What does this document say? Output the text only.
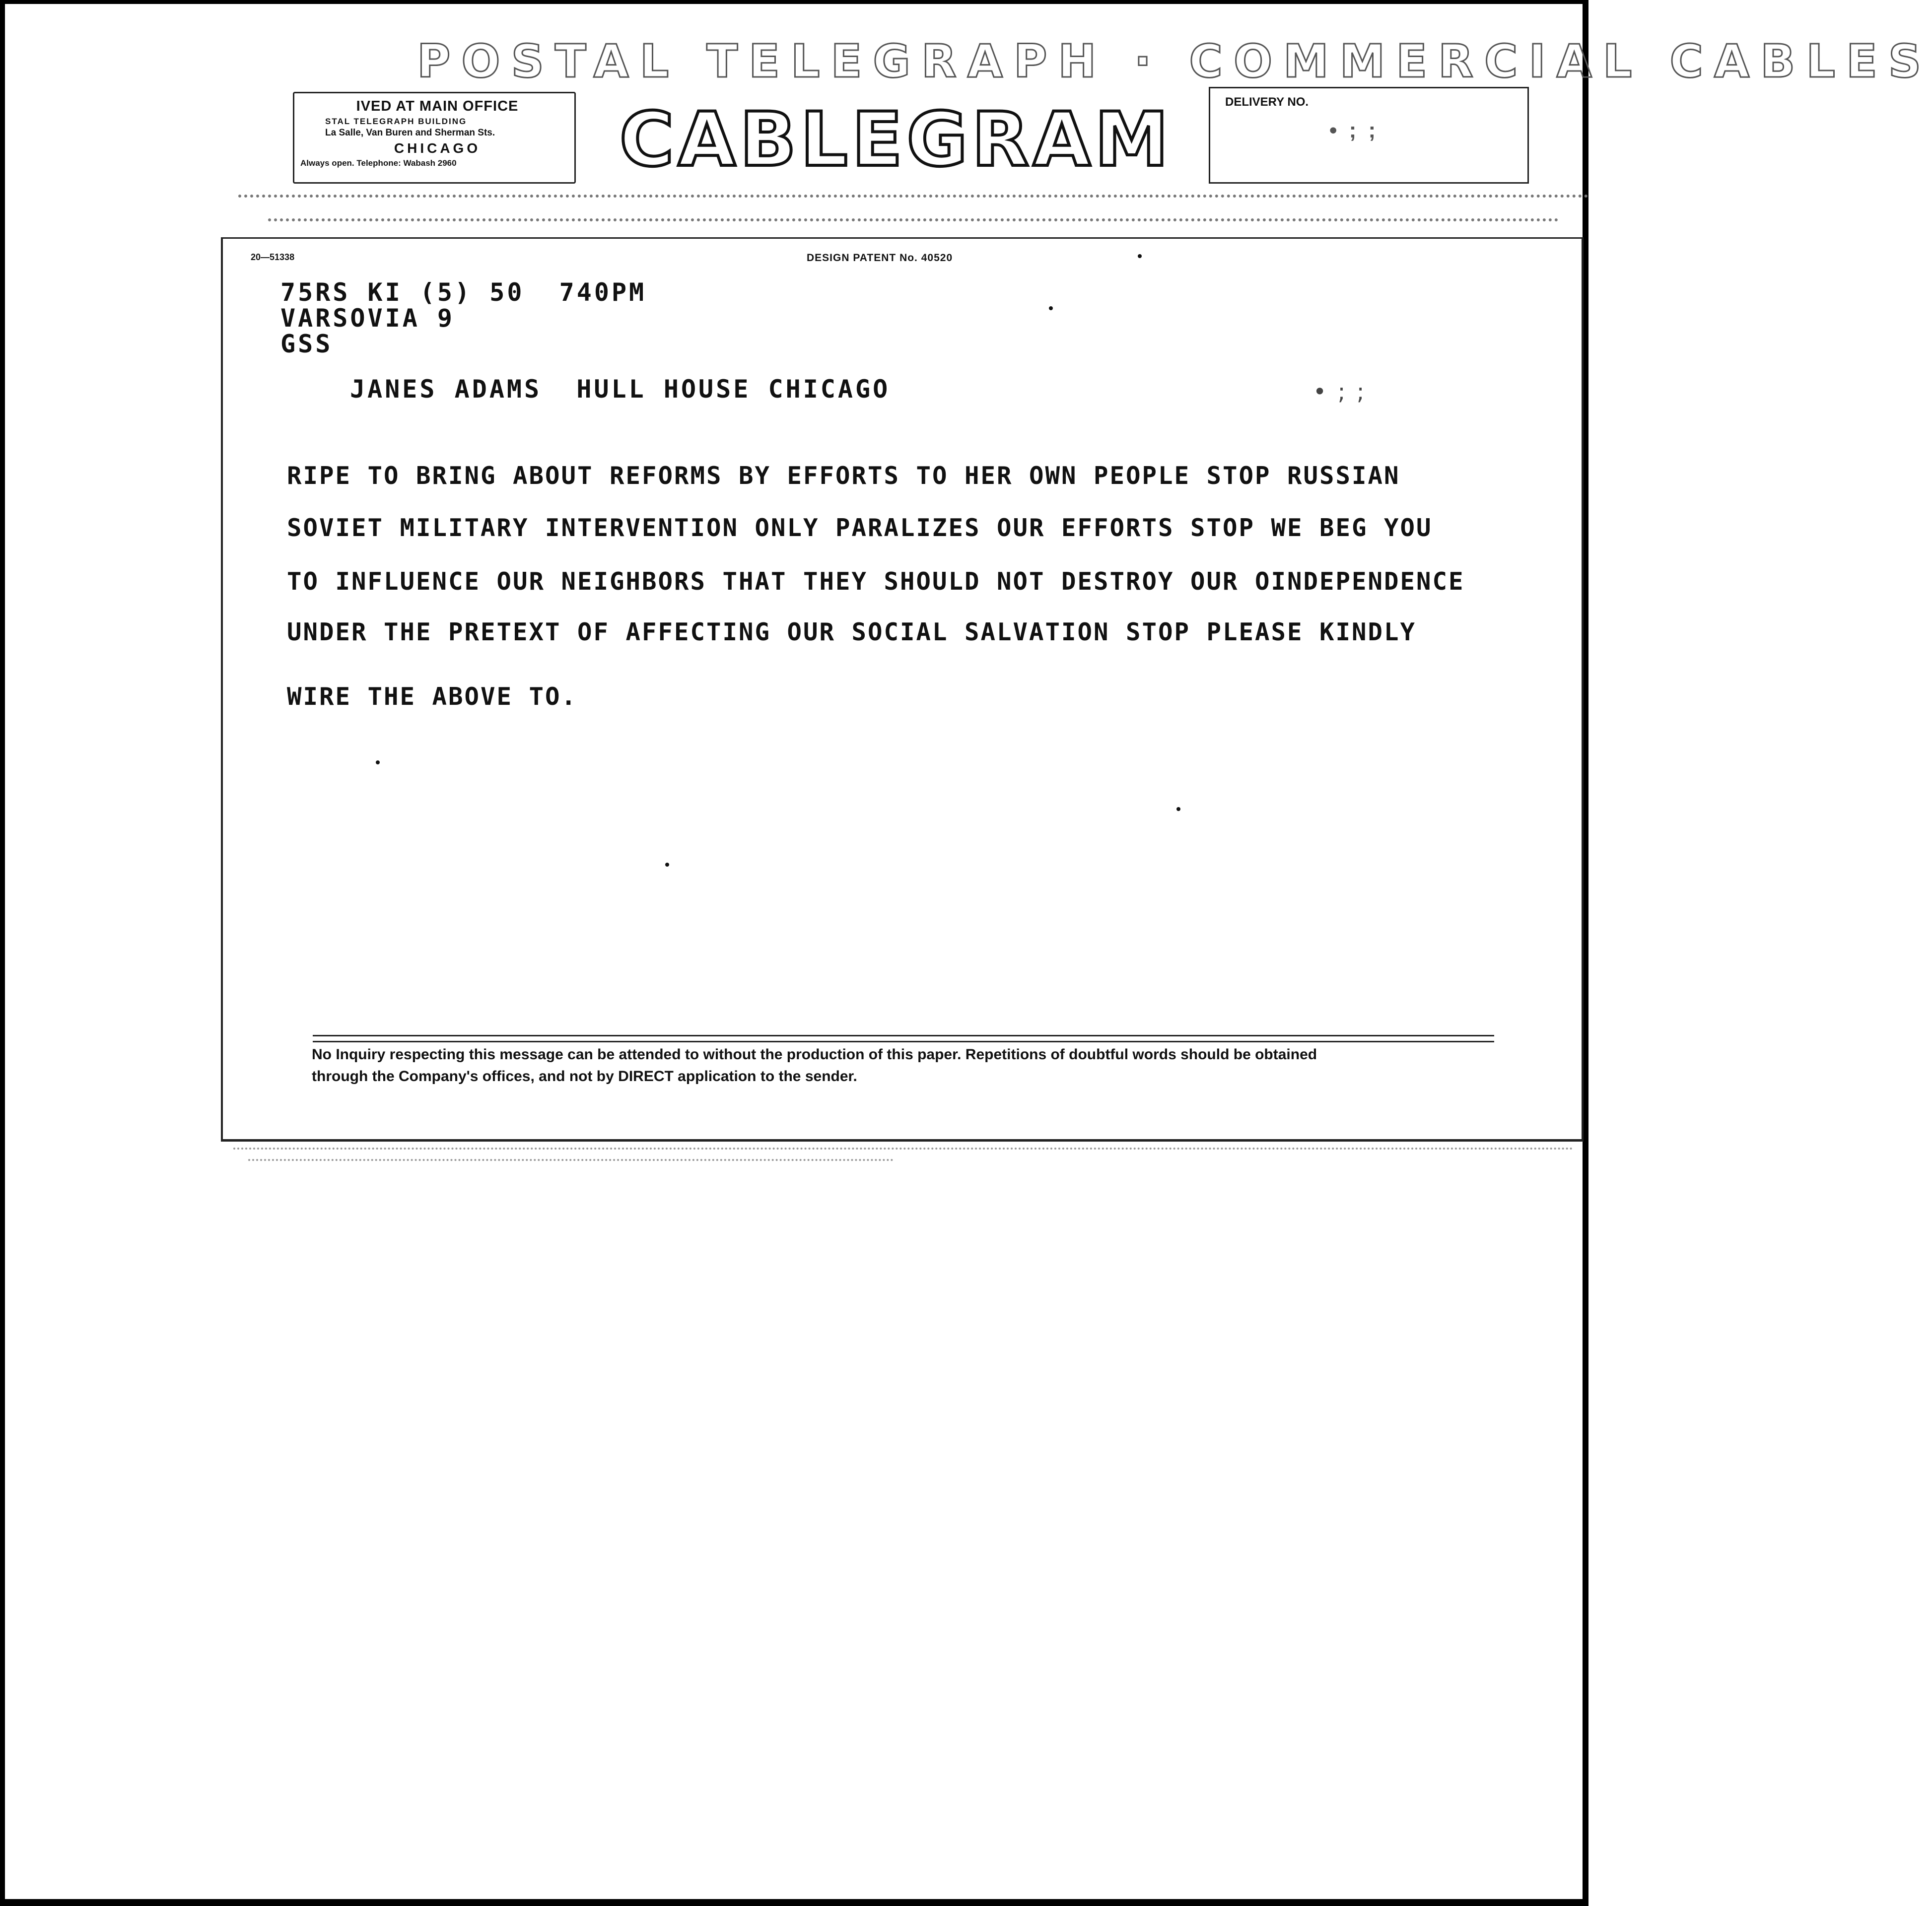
POSTAL TELEGRAPH · COMMERCIAL CABLES
IVED AT MAIN OFFICE
STAL TELEGRAPH BUILDING
La Salle, Van Buren and Sherman Sts.
CHICAGO
Always open. Telephone: Wabash 2960	CABLEGRAM	DELIVERY NO.
• ; ;
20—51338	DESIGN PATENT No. 40520
75RS KI (5) 50  740PM
VARSOVIA 9
GSS
JANES ADAMS  HULL HOUSE CHICAGO	• ; ;
RIPE TO BRING ABOUT REFORMS BY EFFORTS TO HER OWN PEOPLE STOP RUSSIAN
SOVIET MILITARY INTERVENTION ONLY PARALIZES OUR EFFORTS STOP WE BEG YOU
TO INFLUENCE OUR NEIGHBORS THAT THEY SHOULD NOT DESTROY OUR OINDEPENDENCE
UNDER THE PRETEXT OF AFFECTING OUR SOCIAL SALVATION STOP PLEASE KINDLY
WIRE THE ABOVE TO.
No Inquiry respecting this message can be attended to without the production of this paper. Repetitions of doubtful words should be obtained
through the Company's offices, and not by DIRECT application to the sender.
